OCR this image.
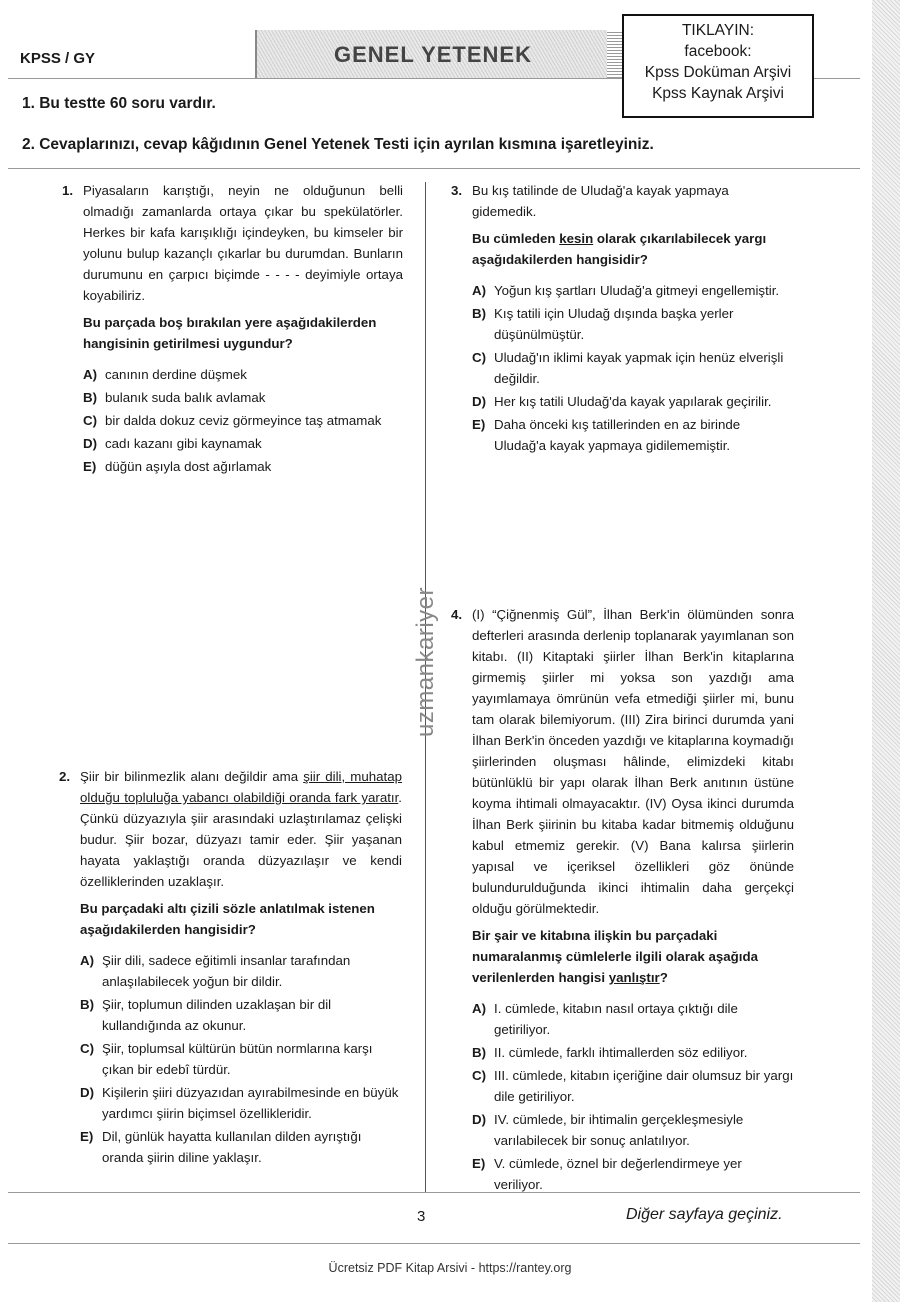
KPSS / GY	GENEL YETENEK
TIKLAYIN:
facebook:
Kpss Doküman Arşivi
Kpss Kaynak Arşivi
1. Bu testte 60 soru vardır.
2. Cevaplarınızı, cevap kâğıdının Genel Yetenek Testi için ayrılan kısmına işaretleyiniz.
uzmankariyer
1. Piyasaların karıştığı, neyin ne olduğunun belli olmadığı zamanlarda ortaya çıkar bu spekülatörler. Herkes bir kafa karışıklığı içindeyken, bu kimseler bir yolunu bulup kazançlı çıkarlar bu durumdan. Bunların durumunu en çarpıcı biçimde - - - - deyimiyle ortaya koyabiliriz.

Bu parçada boş bırakılan yere aşağıdakilerden hangisinin getirilmesi uygundur?

A) canının derdine düşmek
B) bulanık suda balık avlamak
C) bir dalda dokuz ceviz görmeyince taş atmamak
D) cadı kazanı gibi kaynamak
E) düğün aşıyla dost ağırlamak
2. Şiir bir bilinmezlik alanı değildir ama şiir dili, muhatap olduğu topluluğa yabancı olabildiği oranda fark yaratır. Çünkü düzyazıyla şiir arasındaki uzlaştırılamaz çelişki budur. Şiir bozar, düzyazı tamir eder. Şiir yaşanan hayata yaklaştığı oranda düzyazılaşır ve kendi özelliklerinden uzaklaşır.

Bu parçadaki altı çizili sözle anlatılmak istenen aşağıdakilerden hangisidir?

A) Şiir dili, sadece eğitimli insanlar tarafından anlaşılabilecek yoğun bir dildir.
B) Şiir, toplumun dilinden uzaklaşan bir dil kullandığında az okunur.
C) Şiir, toplumsal kültürün bütün normlarına karşı çıkan bir edebî türdür.
D) Kişilerin şiiri düzyazıdan ayırabilmesinde en büyük yardımcı şiirin biçimsel özellikleridir.
E) Dil, günlük hayatta kullanılan dilden ayrıştığı oranda şiirin diline yaklaşır.
3. Bu kış tatilinde de Uludağ'a kayak yapmaya gidemedik.

Bu cümleden kesin olarak çıkarılabilecek yargı aşağıdakilerden hangisidir?

A) Yoğun kış şartları Uludağ'a gitmeyi engellemiştir.
B) Kış tatili için Uludağ dışında başka yerler düşünülmüştür.
C) Uludağ'ın iklimi kayak yapmak için henüz elverişli değildir.
D) Her kış tatili Uludağ'da kayak yapılarak geçirilir.
E) Daha önceki kış tatillerinden en az birinde Uludağ'a kayak yapmaya gidilememiştir.
4. (I) “Çiğnenmiş Gül”, İlhan Berk'in ölümünden sonra defterleri arasında derlenip toplanarak yayımlanan son kitabı. (II) Kitaptaki şiirler İlhan Berk'in kitaplarına girmemiş şiirler mi yoksa son yazdığı ama yayımlamaya ömrünün vefa etmediği şiirler mi, bunu tam olarak bilemiyorum. (III) Zira birinci durumda yani İlhan Berk'in önceden yazdığı ve kitaplarına koymadığı şiirlerinden oluşması hâlinde, elimizdeki kitabı bütünlüklü bir yapı olarak İlhan Berk anıtının üstüne koyma ihtimali olmayacaktır. (IV) Oysa ikinci durumda İlhan Berk şiirinin bu kitaba kadar bitmemiş olduğunu kabul etmemiz gerekir. (V) Bana kalırsa şiirlerin yapısal ve içeriksel özellikleri göz önünde bulundurulduğunda ikinci ihtimalin daha gerçekçi olduğu görülmektedir.

Bir şair ve kitabına ilişkin bu parçadaki numaralanmış cümlelerle ilgili olarak aşağıda verilenlerden hangisi yanlıştır?

A) I. cümlede, kitabın nasıl ortaya çıktığı dile getiriliyor.
B) II. cümlede, farklı ihtimallerden söz ediliyor.
C) III. cümlede, kitabın içeriğine dair olumsuz bir yargı dile getiriliyor.
D) IV. cümlede, bir ihtimalin gerçekleşmesiyle varılabilecek bir sonuç anlatılıyor.
E) V. cümlede, öznel bir değerlendirmeye yer veriliyor.
3	Diğer sayfaya geçiniz.
Ücretsiz PDF Kitap Arsivi - https://rantey.org
